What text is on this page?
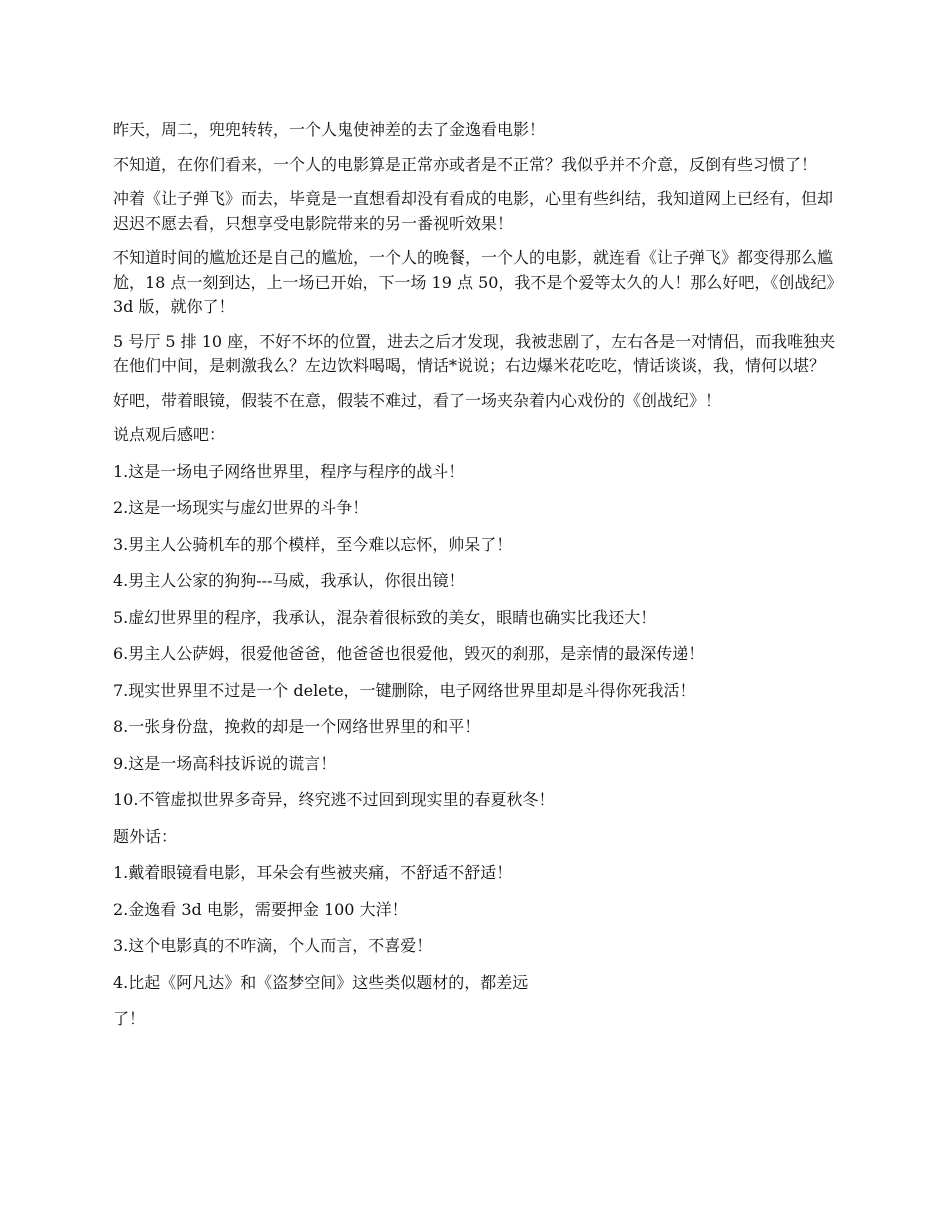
昨天，周二，兜兜转转，一个人鬼使神差的去了金逸看电影！

不知道，在你们看来，一个人的电影算是正常亦或者是不正常？我似乎并不介意，反倒有些习惯了！

冲着《让子弹飞》而去，毕竟是一直想看却没有看成的电影，心里有些纠结，我知道网上已经有，但却迟迟不愿去看，只想享受电影院带来的另一番视听效果！

不知道时间的尴尬还是自己的尴尬，一个人的晚餐，一个人的电影，就连看《让子弹飞》都变得那么尴尬，18 点一刻到达，上一场已开始，下一场 19 点 50，我不是个爱等太久的人！那么好吧，《创战纪》3d 版，就你了！

5 号厅 5 排 10 座，不好不坏的位置，进去之后才发现，我被悲剧了，左右各是一对情侣，而我唯独夹在他们中间，是刺激我么？左边饮料喝喝，情话*说说；右边爆米花吃吃，情话谈谈，我，情何以堪？

好吧，带着眼镜，假装不在意，假装不难过，看了一场夹杂着内心戏份的《创战纪》！

说点观后感吧：

1.这是一场电子网络世界里，程序与程序的战斗！

2.这是一场现实与虚幻世界的斗争！

3.男主人公骑机车的那个模样，至今难以忘怀，帅呆了！

4.男主人公家的狗狗---马威，我承认，你很出镜！

5.虚幻世界里的程序，我承认，混杂着很标致的美女，眼睛也确实比我还大！

6.男主人公萨姆，很爱他爸爸，他爸爸也很爱他，毁灭的刹那，是亲情的最深传递！

7.现实世界里不过是一个 delete，一键删除，电子网络世界里却是斗得你死我活！

8.一张身份盘，挽救的却是一个网络世界里的和平！

9.这是一场高科技诉说的谎言！

10.不管虚拟世界多奇异，终究逃不过回到现实里的春夏秋冬！

题外话：

1.戴着眼镜看电影，耳朵会有些被夹痛，不舒适不舒适！

2.金逸看 3d 电影，需要押金 100 大洋！

3.这个电影真的不咋滴，个人而言，不喜爱！

4.比起《阿凡达》和《盗梦空间》这些类似题材的，都差远

了！
